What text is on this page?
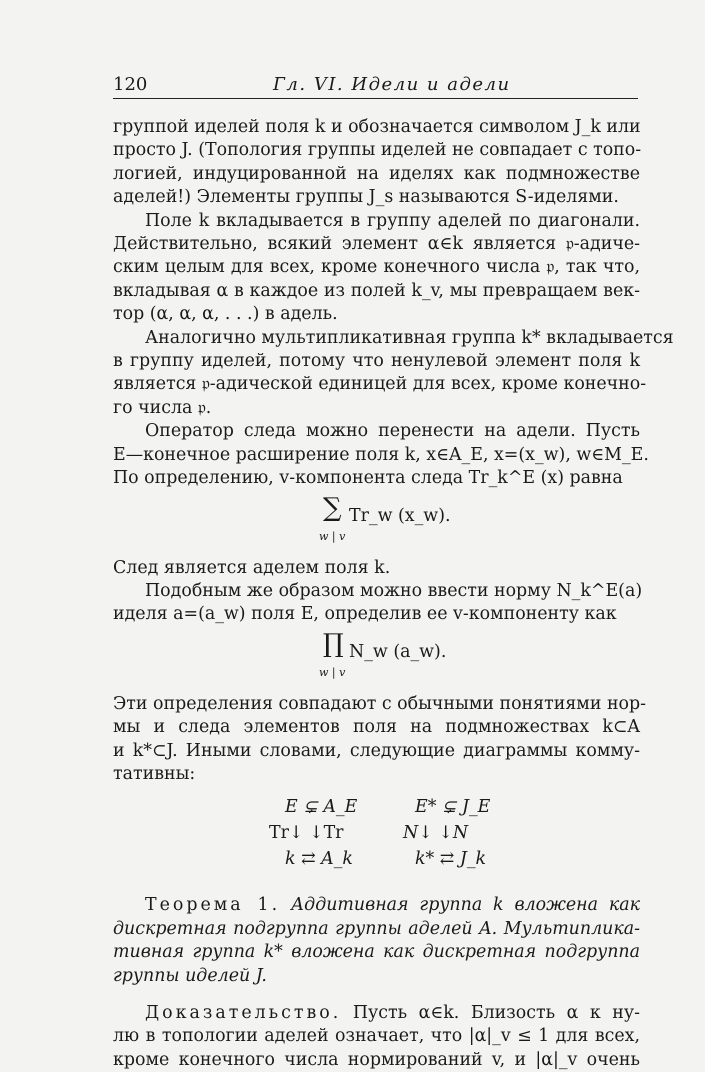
120	Гл. VI. Идели и адели

группой идeлей поля k и обозначается символом J_k или
просто J. (Топология группы иделей не совпадает с топо-
логией, индуцированной на иделях как подмножестве
аделей!) Элементы группы J_s называются S-иделями.

Поле k вкладывается в группу аделей по диагонали.
Действительно, всякий элемент α∈k является 𝔭-адиче-
ским целым для всех, кроме конечного числа 𝔭, так что,
вкладывая α в каждое из полей k_v, мы превращаем век-
тор (α, α, α, . . .) в адель.

Аналогично мультипликативная группа k* вкладывается
в группу иделей, потому что ненулевой элемент поля k
является 𝔭-адической единицей для всех, кроме конечно-
го числа 𝔭.

Оператор следа можно перенести на адели. Пусть
E—конечное расширение поля k, x∈A_E, x=(x_w), w∈M_E.
По определению, v-компонента следа Tr_k^E (x) равна

∑
w | v
Tr_w (x_w).

След является аделем поля k.

Подобным же образом можно ввести норму N_k^E(a)
иделя a=(a_w) поля E, определив ее v-компоненту как

∏
w | v
N_w (a_w).

Эти определения совпадают с обычными понятиями нор-
мы и следа элементов поля на подмножествах k⊂A
и k*⊂J. Иными словами, следующие диаграммы комму-
тативны:

E ⊊ A_E
Tr↓ ↓Tr
k ⇄ A_k
E* ⊊ J_E
N↓ ↓N
k* ⇄ J_k

Теорема 1. Аддитивная группа k вложена как
дискретная подгруппа группы аделей A. Мультиплика-
тивная группа k* вложена как дискретная подгруппа
группы иделей J.

Доказательство. Пусть α∈k. Близость α к ну-
лю в топологии аделей означает, что |α|_v ≤ 1 для всех,
кроме конечного числа нормирований v, и |α|_v очень
